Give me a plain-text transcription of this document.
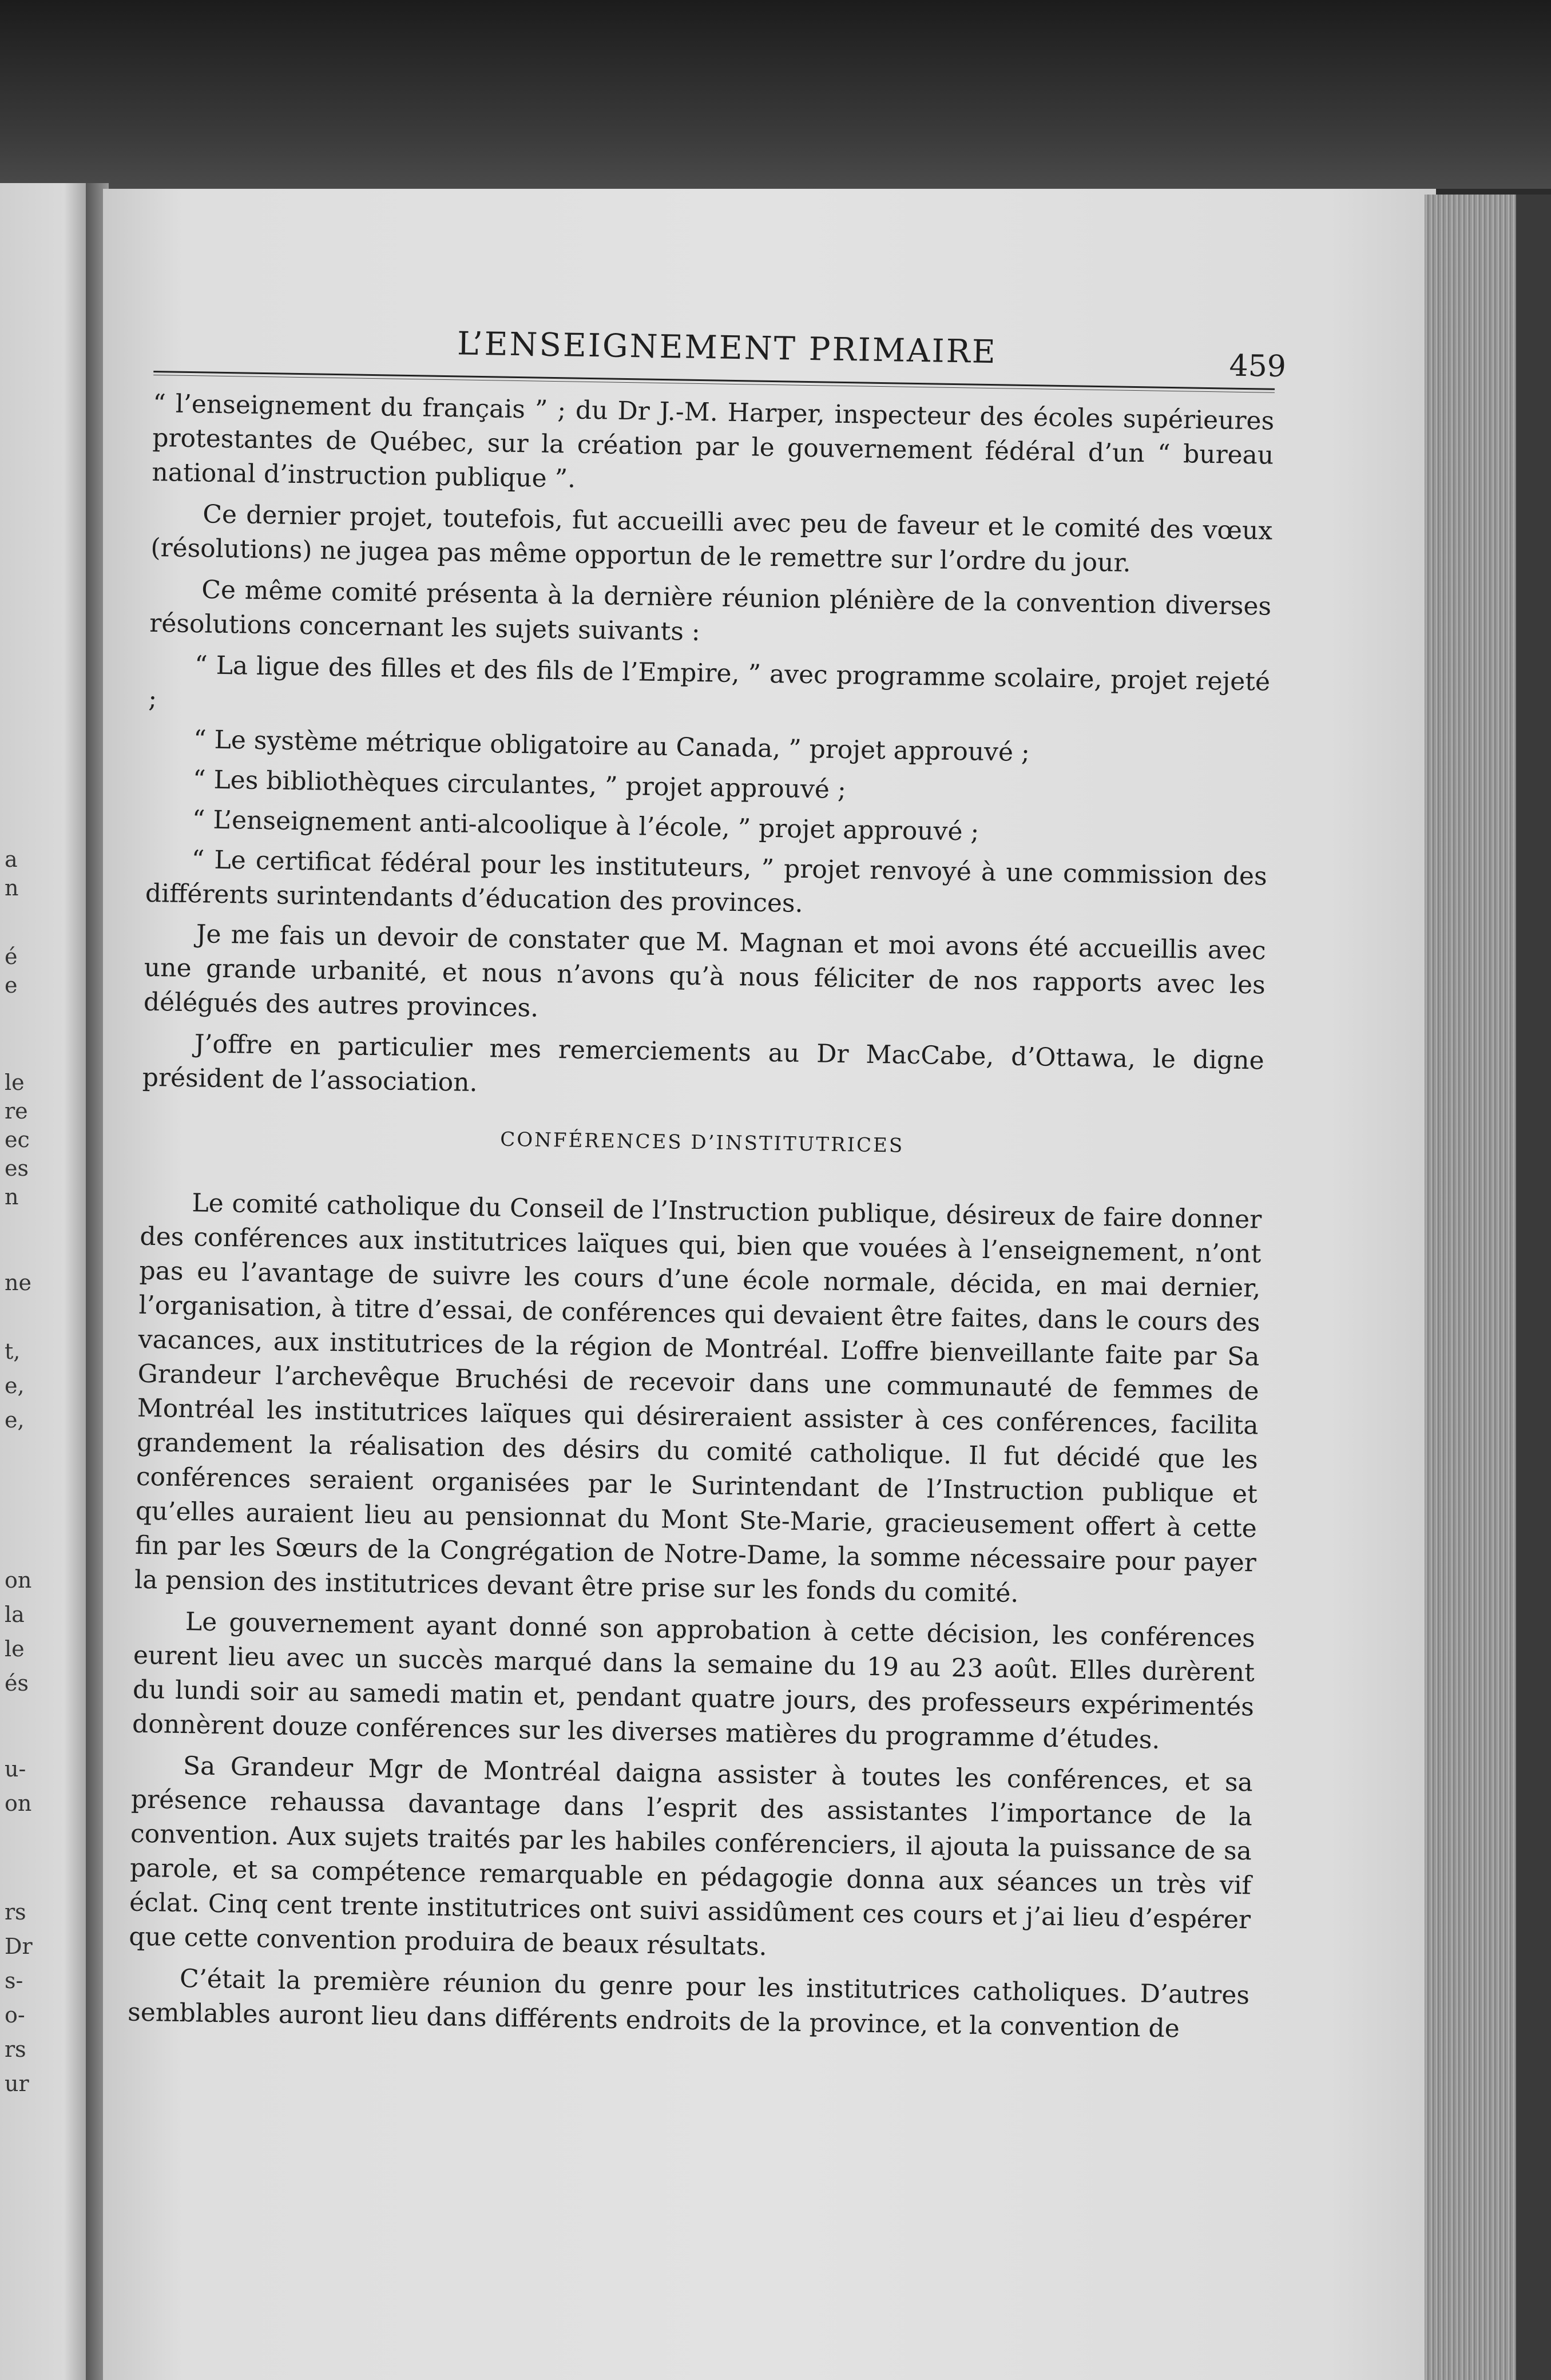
a
n
é
e
le
re
ec
es
n
ne
t,
e,
e,
on
la
le
és
u-
on
rs
Dr
s-
o-
rs
ur
L’ENSEIGNEMENT PRIMAIRE	459

“ l’enseignement du français ” ; du Dr J.-M. Harper, inspecteur des écoles supérieures protestantes de Québec, sur la création par le gouvernement fédéral d’un “ bureau national d’instruction publique ”.

Ce dernier projet, toutefois, fut accueilli avec peu de faveur et le comité des vœux (résolutions) ne jugea pas même opportun de le remettre sur l’ordre du jour.

Ce même comité présenta à la dernière réunion plénière de la convention diverses résolutions concernant les sujets suivants :

“ La ligue des filles et des fils de l’Empire, ” avec programme scolaire, projet rejeté ;

“ Le système métrique obligatoire au Canada, ” projet approuvé ;

“ Les bibliothèques circulantes, ” projet approuvé ;

“ L’enseignement anti-alcoolique à l’école, ” projet approuvé ;

“ Le certificat fédéral pour les instituteurs, ” projet renvoyé à une commission des différents surintendants d’éducation des provinces.

Je me fais un devoir de constater que M. Magnan et moi avons été accueillis avec une grande urbanité, et nous n’avons qu’à nous féliciter de nos rapports avec les délégués des autres provinces.

J’offre en particulier mes remerciements au Dr MacCabe, d’Ottawa, le digne président de l’association.

CONFÉRENCES D’INSTITUTRICES

Le comité catholique du Conseil de l’Instruction publique, désireux de faire donner des conférences aux institutrices laïques qui, bien que vouées à l’enseignement, n’ont pas eu l’avantage de suivre les cours d’une école normale, décida, en mai dernier, l’organisation, à titre d’essai, de conférences qui devaient être faites, dans le cours des vacances, aux institutrices de la région de Montréal. L’offre bienveillante faite par Sa Grandeur l’archevêque Bruchési de recevoir dans une communauté de femmes de Montréal les institutrices laïques qui désireraient assister à ces conférences, facilita grandement la réalisation des désirs du comité catholique. Il fut décidé que les conférences seraient organisées par le Surintendant de l’Instruction publique et qu’elles auraient lieu au pensionnat du Mont Ste-Marie, gracieusement offert à cette fin par les Sœurs de la Congrégation de Notre-Dame, la somme nécessaire pour payer la pension des institutrices devant être prise sur les fonds du comité.

Le gouvernement ayant donné son approbation à cette décision, les conférences eurent lieu avec un succès marqué dans la semaine du 19 au 23 août. Elles durèrent du lundi soir au samedi matin et, pendant quatre jours, des professeurs expérimentés donnèrent douze conférences sur les diverses matières du programme d’études.

Sa Grandeur Mgr de Montréal daigna assister à toutes les conférences, et sa présence rehaussa davantage dans l’esprit des assistantes l’importance de la convention. Aux sujets traités par les habiles conférenciers, il ajouta la puissance de sa parole, et sa compétence remarquable en pédagogie donna aux séances un très vif éclat. Cinq cent trente institutrices ont suivi assidûment ces cours et j’ai lieu d’espérer que cette convention produira de beaux résultats.

C’était la première réunion du genre pour les institutrices catholiques. D’autres semblables auront lieu dans différents endroits de la province, et la convention de
